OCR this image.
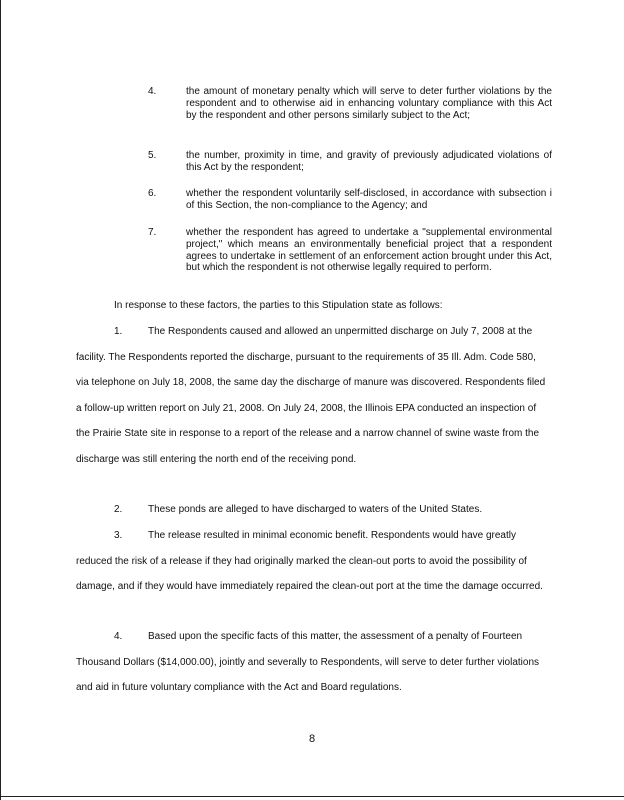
4.	the amount of monetary penalty which will serve to deter further violations by the respondent and to otherwise aid in enhancing voluntary compliance with this Act by the respondent and other persons similarly subject to the Act;
5.	the number, proximity in time, and gravity of previously adjudicated violations of this Act by the respondent;
6.	whether the respondent voluntarily self-disclosed, in accordance with subsection i of this Section, the non-compliance to the Agency; and
7.	whether the respondent has agreed to undertake a "supplemental environmental project," which means an environmentally beneficial project that a respondent agrees to undertake in settlement of an enforcement action brought under this Act, but which the respondent is not otherwise legally required to perform.
In response to these factors, the parties to this Stipulation state as follows:
1.	The Respondents caused and allowed an unpermitted discharge on July 7, 2008 at the facility. The Respondents reported the discharge, pursuant to the requirements of 35 Ill. Adm. Code 580, via telephone on July 18, 2008, the same day the discharge of manure was discovered. Respondents filed a follow-up written report on July 21, 2008. On July 24, 2008, the Illinois EPA conducted an inspection of the Prairie State site in response to a report of the release and a narrow channel of swine waste from the discharge was still entering the north end of the receiving pond.
2.	These ponds are alleged to have discharged to waters of the United States.
3.	The release resulted in minimal economic benefit. Respondents would have greatly reduced the risk of a release if they had originally marked the clean-out ports to avoid the possibility of damage, and if they would have immediately repaired the clean-out port at the time the damage occurred.
4.	Based upon the specific facts of this matter, the assessment of a penalty of Fourteen Thousand Dollars ($14,000.00), jointly and severally to Respondents, will serve to deter further violations and aid in future voluntary compliance with the Act and Board regulations.
8
